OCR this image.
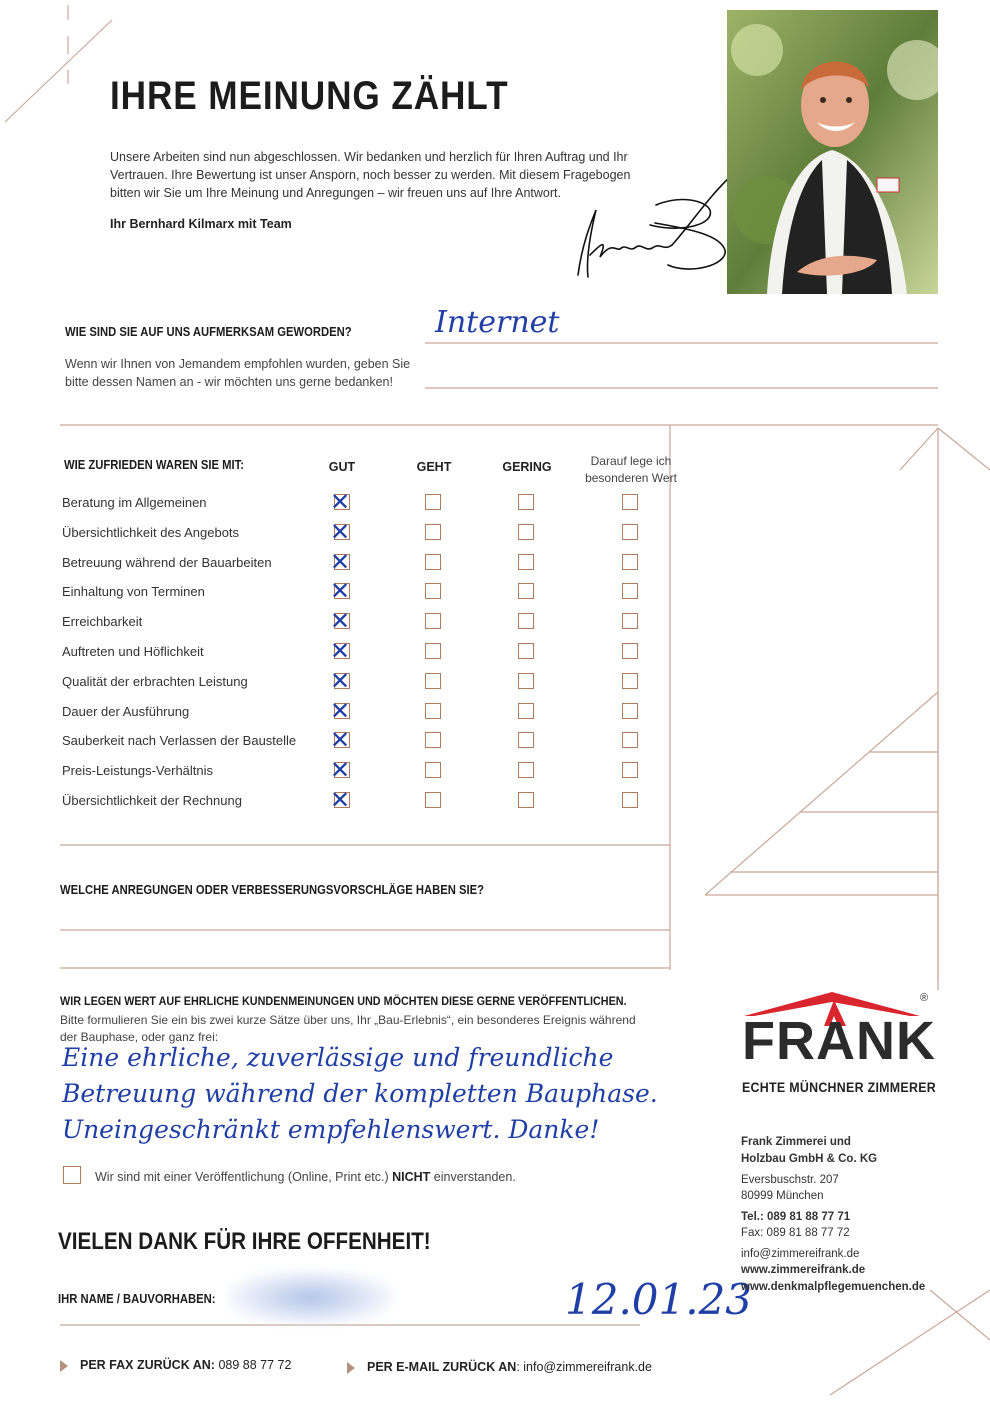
IHRE MEINUNG ZÄHLT
Unsere Arbeiten sind nun abgeschlossen. Wir bedanken und herzlich für Ihren Auftrag und Ihr
Vertrauen. Ihre Bewertung ist unser Ansporn, noch besser zu werden. Mit diesem Fragebogen
bitten wir Sie um Ihre Meinung und Anregungen – wir freuen uns auf Ihre Antwort.
Ihr Bernhard Kilmarx mit Team
WIE SIND SIE AUF UNS AUFMERKSAM GEWORDEN?
Wenn wir Ihnen von Jemandem empfohlen wurden, geben Sie
bitte dessen Namen an - wir möchten uns gerne bedanken!
Internet
WIE ZUFRIEDEN WAREN SIE MIT:	GUT	GEHT	GERING	Darauf lege ich
besonderen Wert
Beratung im Allgemeinen	✕
Übersichtlichkeit des Angebots	✕
Betreuung während der Bauarbeiten ✕
Einhaltung von Terminen	✕
Erreichbarkeit	✕
Auftreten und Höflichkeit	✕
Qualität der erbrachten Leistung	✕
Dauer der Ausführung	✕
Sauberkeit nach Verlassen der Baustelle ✕
Preis-Leistungs-Verhältnis	✕
Übersichtlichkeit der Rechnung	✕
WELCHE ANREGUNGEN ODER VERBESSERUNGSVORSCHLÄGE HABEN SIE?
WIR LEGEN WERT AUF EHRLICHE KUNDENMEINUNGEN UND MÖCHTEN DIESE GERNE VERÖFFENTLICHEN.
Bitte formulieren Sie ein bis zwei kurze Sätze über uns, Ihr „Bau-Erlebnis“, ein besonderes Ereignis während
der Bauphase, oder ganz frei:
Eine ehrliche, zuverlässige und freundliche
Betreuung während der kompletten Bauphase.
Uneingeschränkt empfehlenswert. Danke!
Wir sind mit einer Veröffentlichung (Online, Print etc.) NICHT einverstanden.
VIELEN DANK FÜR IHRE OFFENHEIT!
IHR NAME / BAUVORHABEN:	12.01.23
®
FRANK
ECHTE MÜNCHNER ZIMMERER
Frank Zimmerei und
Holzbau GmbH & Co. KG
Eversbuschstr. 207
80999 München
Tel.: 089 81 88 77 71
Fax: 089 81 88 77 72
info@zimmereifrank.de
www.zimmereifrank.de
www.denkmalpflegemuenchen.de
PER FAX ZURÜCK AN: 089 88 77 72	PER E-MAIL ZURÜCK AN: info@zimmereifrank.de
